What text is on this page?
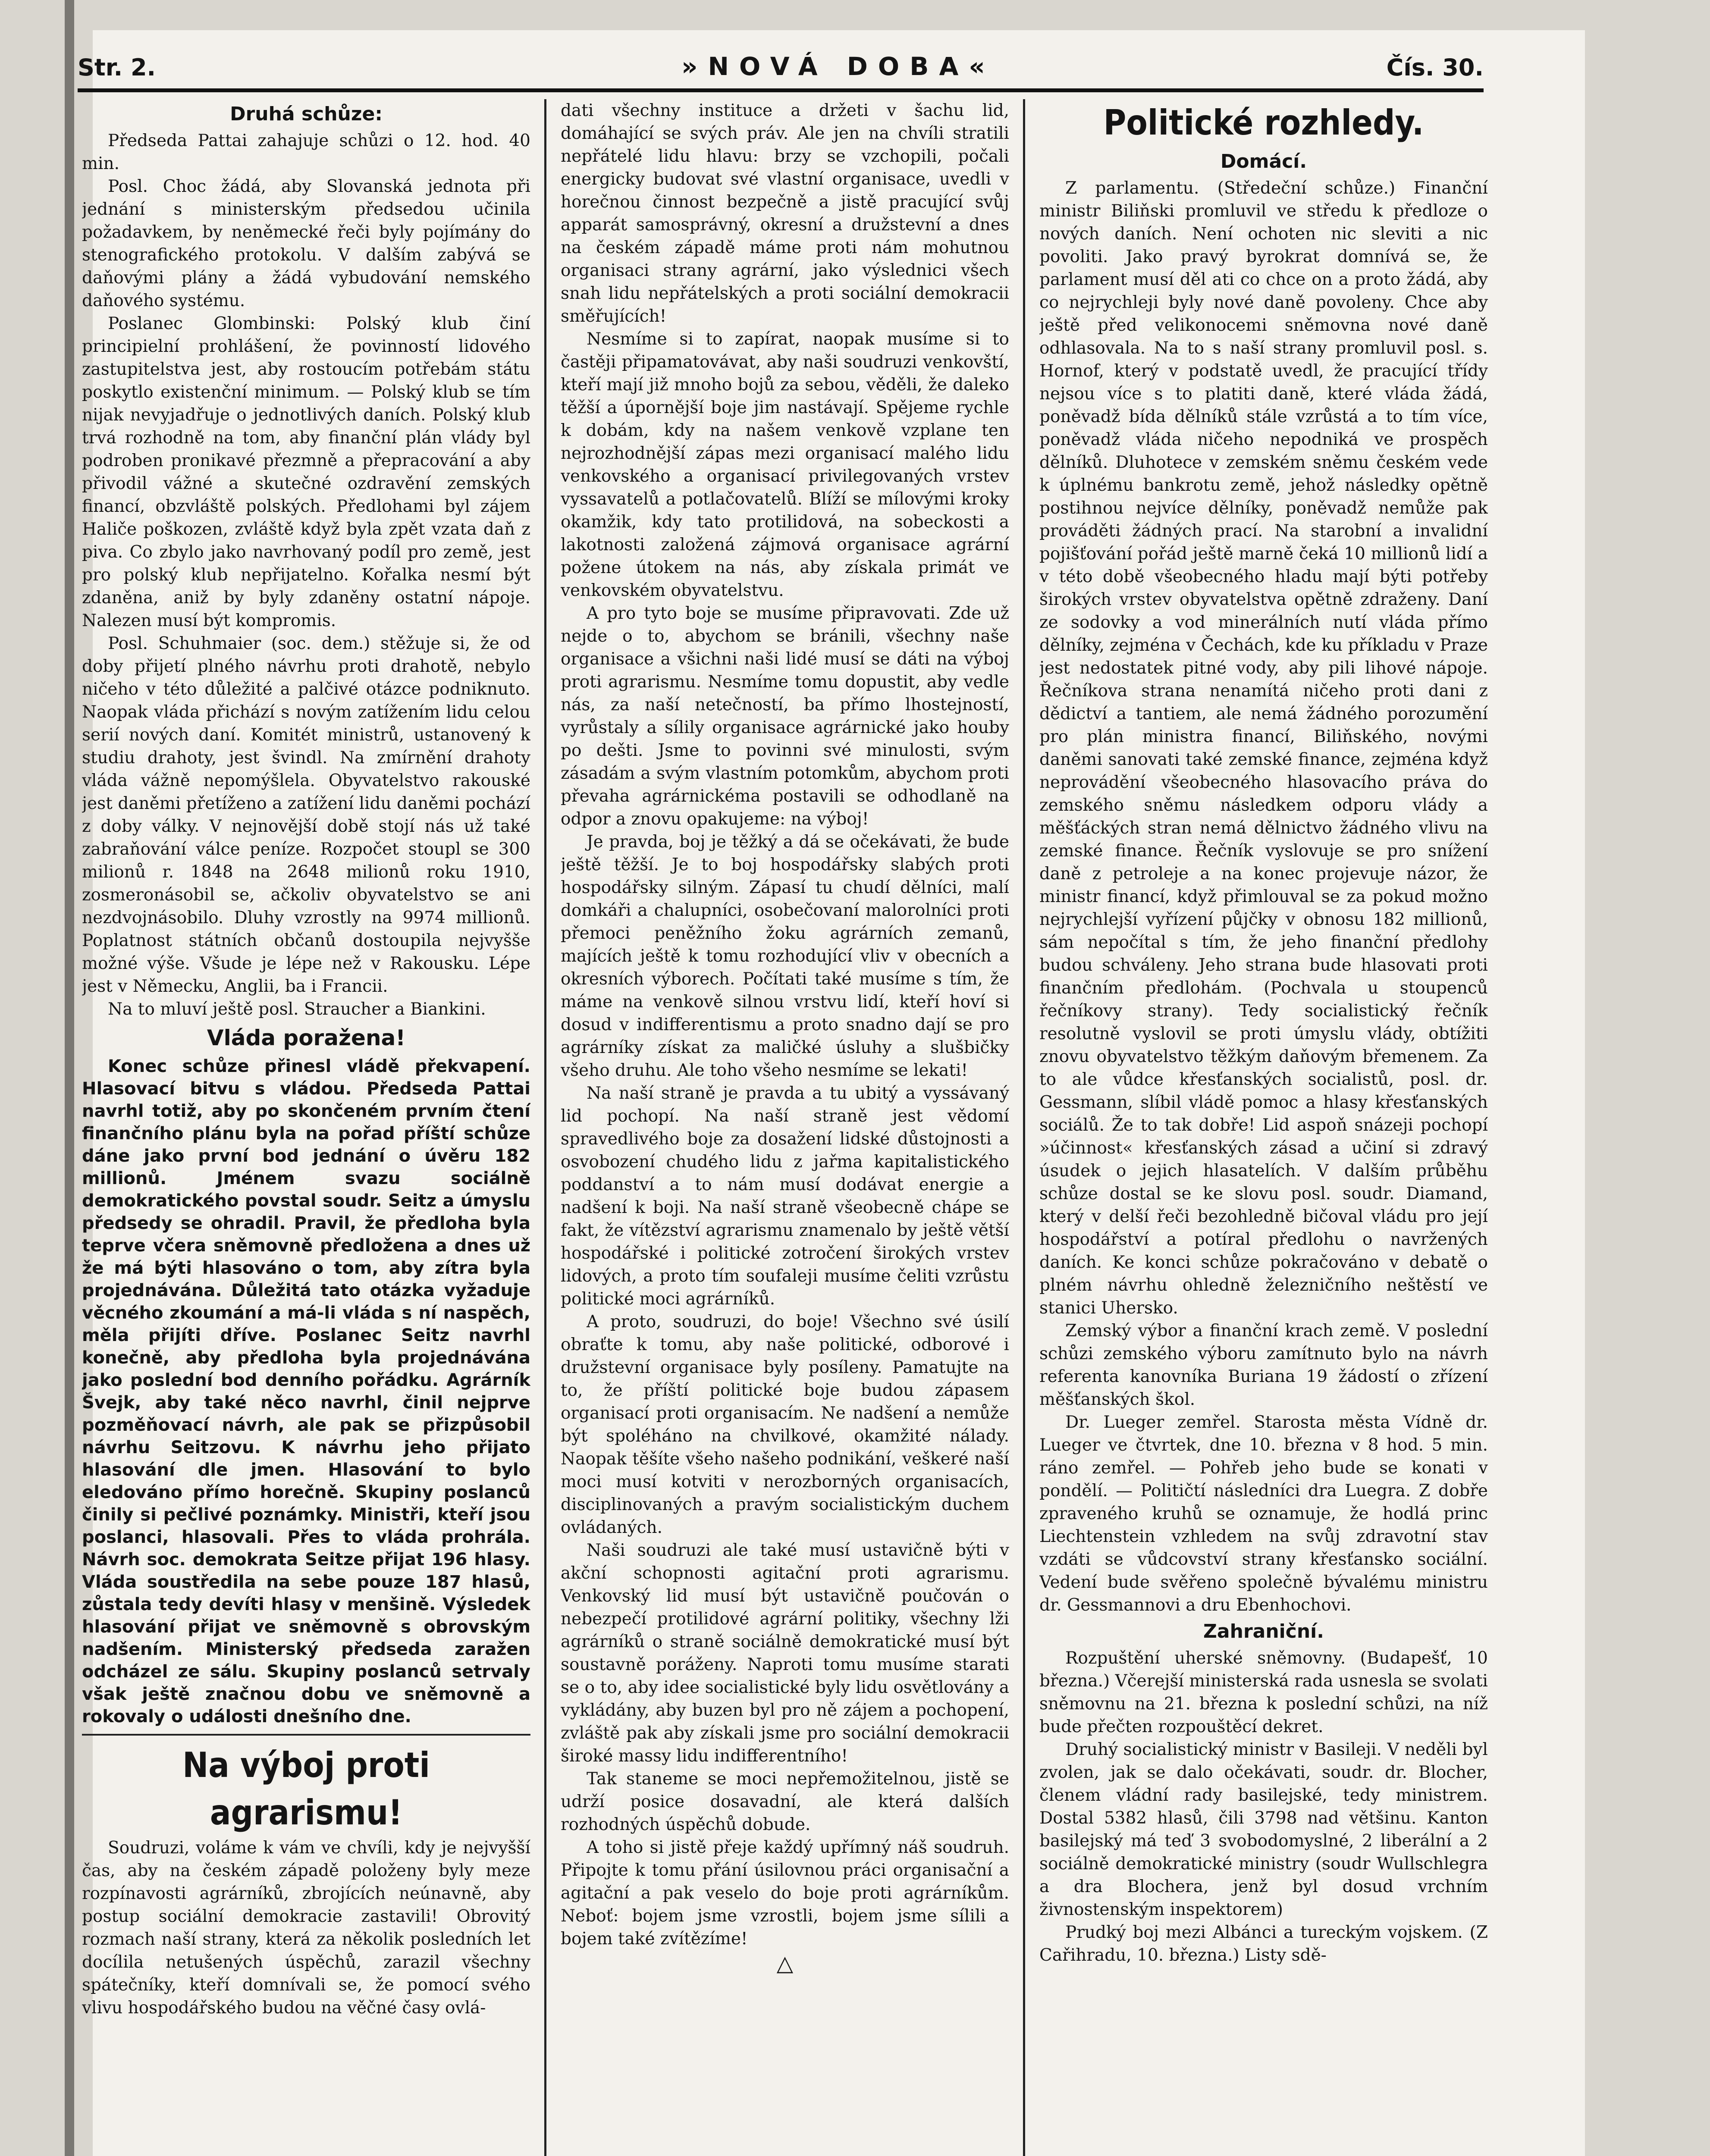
Str. 2.	»NOVÁ DOBA«	Čís. 30.
Druhá schůze:

Předseda Pattai zahajuje schůzi o 12. hod. 40 min.

Posl. Choc žádá, aby Slovanská jednota při jednání s ministerským předsedou učinila požadavkem, by neněmecké řeči byly pojímány do stenografického protokolu. V dalším zabývá se daňovými plány a žádá vybudování nemského daňového systému.

Poslanec Glombinski: Polský klub činí principielní prohlášení, že povinností lidového zastupitelstva jest, aby rostoucím potřebám státu poskytlo existenční minimum. — Polský klub se tím nijak nevyjadřuje o jednotlivých daních. Polský klub trvá rozhodně na tom, aby finanční plán vlády byl podroben pronikavé přezmně a přepracování a aby přivodil vážné a skutečné ozdravění zemských financí, obzvláště polských. Předlohami byl zájem Haliče poškozen, zvláště když byla zpět vzata daň z piva. Co zbylo jako navrhovaný podíl pro země, jest pro polský klub nepřijatelno. Kořalka nesmí být zdaněna, aniž by byly zdaněny ostatní nápoje. Nalezen musí být kompromis.

Posl. Schuhmaier (soc. dem.) stěžuje si, že od doby přijetí plného návrhu proti drahotě, nebylo ničeho v této důležité a palčivé otázce podniknuto. Naopak vláda přichází s novým zatížením lidu celou serií nových daní. Komitét ministrů, ustanovený k studiu drahoty, jest švindl. Na zmírnění drahoty vláda vážně nepomýšlela. Obyvatelstvo rakouské jest daněmi přetíženo a zatížení lidu daněmi pochází z doby války. V nejnovější době stojí nás už také zabraňování válce peníze. Rozpočet stoupl se 300 milionů r. 1848 na 2648 milionů roku 1910, zosmeronásobil se, ačkoliv obyvatelstvo se ani nezdvojnásobilo. Dluhy vzrostly na 9974 millionů. Poplatnost státních občanů dostoupila nejvyšše možné výše. Všude je lépe než v Rakousku. Lépe jest v Německu, Anglii, ba i Francii.

Na to mluví ještě posl. Straucher a Biankini.

Vláda poražena!

Konec schůze přinesl vládě překvapení. Hlasovací bitvu s vládou. Předseda Pattai navrhl totiž, aby po skončeném prvním čtení finančního plánu byla na pořad příští schůze dáne jako první bod jednání o úvěru 182 millionů. Jménem svazu sociálně demokratického povstal soudr. Seitz a úmyslu předsedy se ohradil. Pravil, že předloha byla teprve včera sněmovně předložena a dnes už že má býti hlasováno o tom, aby zítra byla projednávána. Důležitá tato otázka vyžaduje věcného zkoumání a má-li vláda s ní naspěch, měla přijíti dříve. Poslanec Seitz navrhl konečně, aby předloha byla projednávána jako poslední bod denního pořádku. Agrárník Švejk, aby také něco navrhl, činil nejprve pozměňovací návrh, ale pak se přizpůsobil návrhu Seitzovu. K návrhu jeho přijato hlasování dle jmen. Hlasování to bylo eledováno přímo horečně. Skupiny poslanců činily si pečlivé poznámky. Ministři, kteří jsou poslanci, hlasovali. Přes to vláda prohrála. Návrh soc. demokrata Seitze přijat 196 hlasy. Vláda soustředila na sebe pouze 187 hlasů, zůstala tedy devíti hlasy v menšině. Výsledek hlasování přijat ve sněmovně s obrovským nadšením. Ministerský předseda zaražen odcházel ze sálu. Skupiny poslanců setrvaly však ještě značnou dobu ve sněmovně a rokovaly o události dnešního dne.

Na výboj proti agrarismu!

Soudruzi, voláme k vám ve chvíli, kdy je nejvyšší čas, aby na českém západě položeny byly meze rozpínavosti agrárníků, zbrojících neúnavně, aby postup sociální demokracie zastavili! Obrovitý rozmach naší strany, která za několik posledních let docílila netušených úspěchů, zarazil všechny spátečníky, kteří domnívali se, že pomocí svého vlivu hospodářského budou na věčné časy ovlá-

dati všechny instituce a držeti v šachu lid, domáhající se svých práv. Ale jen na chvíli stratili nepřátelé lidu hlavu: brzy se vzchopili, počali energicky budovat své vlastní organisace, uvedli v horečnou činnost bezpečně a jistě pracující svůj apparát samosprávný, okresní a družstevní a dnes na českém západě máme proti nám mohutnou organisaci strany agrární, jako výslednici všech snah lidu nepřátelských a proti sociální demokracii směřujících!

Nesmíme si to zapírat, naopak musíme si to častěji připamatovávat, aby naši soudruzi venkovští, kteří mají již mnoho bojů za sebou, věděli, že daleko těžší a úpornější boje jim nastávají. Spějeme rychle k dobám, kdy na našem venkově vzplane ten nejrozhodnější zápas mezi organisací malého lidu venkovského a organisací privilegovaných vrstev vyssavatelů a potlačovatelů. Blíží se mílovými kroky okamžik, kdy tato protilidová, na sobeckosti a lakotnosti založená zájmová organisace agrární požene útokem na nás, aby získala primát ve venkovském obyvatelstvu.

A pro tyto boje se musíme připravovati. Zde už nejde o to, abychom se bránili, všechny naše organisace a všichni naši lidé musí se dáti na výboj proti agrarismu. Nesmíme tomu dopustit, aby vedle nás, za naší netečností, ba přímo lhostejností, vyrůstaly a sílily organisace agrárnické jako houby po dešti. Jsme to povinni své minulosti, svým zásadám a svým vlastním potomkům, abychom proti převaha agrárnickéma postavili se odhodlaně na odpor a znovu opakujeme: na výboj!

Je pravda, boj je těžký a dá se očekávati, že bude ještě těžší. Je to boj hospodářsky slabých proti hospodářsky silným. Zápasí tu chudí dělníci, malí domkáři a chalupníci, osobečovaní malorolníci proti přemoci peněžního žoku agrárních zemanů, majících ještě k tomu rozhodující vliv v obecních a okresních výborech. Počítati také musíme s tím, že máme na venkově silnou vrstvu lidí, kteří hoví si dosud v indifferentismu a proto snadno dají se pro agrárníky získat za maličké úsluhy a slušbičky všeho druhu. Ale toho všeho nesmíme se lekati!

Na naší straně je pravda a tu ubitý a vyssávaný lid pochopí. Na naší straně jest vědomí spravedlivého boje za dosažení lidské důstojnosti a osvobození chudého lidu z jařma kapitalistického poddanství a to nám musí dodávat energie a nadšení k boji. Na naší straně všeobecně chápe se fakt, že vítězství agrarismu znamenalo by ještě větší hospodářské i politické zotročení širokých vrstev lidových, a proto tím soufaleji musíme čeliti vzrůstu politické moci agrárníků.

A proto, soudruzi, do boje! Všechno své úsilí obraťte k tomu, aby naše politické, odborové i družstevní organisace byly posíleny. Pamatujte na to, že příští politické boje budou zápasem organisací proti organisacím. Ne nadšení a nemůže být spoléháno na chvilkové, okamžité nálady. Naopak těšíte všeho našeho podnikání, veškeré naší moci musí kotviti v nerozborných organisacích, disciplinovaných a pravým socialistickým duchem ovládaných.

Naši soudruzi ale také musí ustavičně býti v akční schopnosti agitační proti agrarismu. Venkovský lid musí být ustavičně poučován o nebezpečí protilidové agrární politiky, všechny lži agrárníků o straně sociálně demokratické musí být soustavně poráženy. Naproti tomu musíme starati se o to, aby idee socialistické byly lidu osvětlovány a vykládány, aby buzen byl pro ně zájem a pochopení, zvláště pak aby získali jsme pro sociální demokracii široké massy lidu indifferentního!

Tak staneme se moci nepřemožitelnou, jistě se udrží posice dosavadní, ale která dalších rozhodných úspěchů dobude.

A toho si jistě přeje každý upřímný náš soudruh. Připojte k tomu přání úsilovnou práci organisační a agitační a pak veselo do boje proti agrárníkům. Neboť: bojem jsme vzrostli, bojem jsme sílili a bojem také zvítězíme!

△
Politické rozhledy.
Domácí.

Z parlamentu. (Středeční schůze.) Finanční ministr Biliňski promluvil ve středu k předloze o nových daních. Není ochoten nic sleviti a nic povoliti. Jako pravý byrokrat domnívá se, že parlament musí děl ati co chce on a proto žádá, aby co nejrychleji byly nové daně povoleny. Chce aby ještě před velikonocemi sněmovna nové daně odhlasovala. Na to s naší strany promluvil posl. s. Hornof, který v podstatě uvedl, že pracující třídy nejsou více s to platiti daně, které vláda žádá, poněvadž bída dělníků stále vzrůstá a to tím více, poněvadž vláda ničeho nepodniká ve prospěch dělníků. Dluhotece v zemském sněmu českém vede k úplnému bankrotu země, jehož následky opětně postihnou nejvíce dělníky, poněvadž nemůže pak prováděti žádných prací. Na starobní a invalidní pojišťování pořád ještě marně čeká 10 millionů lidí a v této době všeobecného hladu mají býti potřeby širokých vrstev obyvatelstva opětně zdraženy. Daní ze sodovky a vod minerálních nutí vláda přímo dělníky, zejména v Čechách, kde ku příkladu v Praze jest nedostatek pitné vody, aby pili lihové nápoje. Řečníkova strana nenamítá ničeho proti dani z dědictví a tantiem, ale nemá žádného porozumění pro plán ministra financí, Biliňského, novými daněmi sanovati také zemské finance, zejména když neprovádění všeobecného hlasovacího práva do zemského sněmu následkem odporu vlády a měšťáckých stran nemá dělnictvo žádného vlivu na zemské finance. Řečník vyslovuje se pro snížení daně z petroleje a na konec projevuje názor, že ministr financí, když přimlouval se za pokud možno nejrychlejší vyřízení půjčky v obnosu 182 millionů, sám nepočítal s tím, že jeho finanční předlohy budou schváleny. Jeho strana bude hlasovati proti finančním předlohám. (Pochvala u stoupenců řečníkovy strany). Tedy socialistický řečník resolutně vyslovil se proti úmyslu vlády, obtížiti znovu obyvatelstvo těžkým daňovým břemenem. Za to ale vůdce křesťanských socialistů, posl. dr. Gessmann, slíbil vládě pomoc a hlasy křesťanských sociálů. Že to tak dobře! Lid aspoň snázeji pochopí »účinnost« křesťanských zásad a učiní si zdravý úsudek o jejich hlasatelích. V dalším průběhu schůze dostal se ke slovu posl. soudr. Diamand, který v delší řeči bezohledně bičoval vládu pro její hospodářství a potíral předlohu o navržených daních. Ke konci schůze pokračováno v debatě o plném návrhu ohledně železničního neštěstí ve stanici Uhersko.

Zemský výbor a finanční krach země. V poslední schůzi zemského výboru zamítnuto bylo na návrh referenta kanovníka Buriana 19 žádostí o zřízení měšťanských škol.

Dr. Lueger zemřel. Starosta města Vídně dr. Lueger ve čtvrtek, dne 10. března v 8 hod. 5 min. ráno zemřel. — Pohřeb jeho bude se konati v pondělí. — Političtí následníci dra Luegra. Z dobře zpraveného kruhů se oznamuje, že hodlá princ Liechtenstein vzhledem na svůj zdravotní stav vzdáti se vůdcovství strany křesťansko sociální. Vedení bude svěřeno společně bývalému ministru dr. Gessmannovi a dru Ebenhochovi.

Zahraniční.

Rozpuštění uherské sněmovny. (Budapešť, 10 března.) Včerejší ministerská rada usnesla se svolati sněmovnu na 21. března k poslední schůzi, na níž bude přečten rozpouštěcí dekret.

Druhý socialistický ministr v Basileji. V neděli byl zvolen, jak se dalo očekávati, soudr. dr. Blocher, členem vládní rady basilejské, tedy ministrem. Dostal 5382 hlasů, čili 3798 nad většinu. Kanton basilejský má teď 3 svobodomyslné, 2 liberální a 2 sociálně demokratické ministry (soudr Wullschlegra a dra Blochera, jenž byl dosud vrchním živnostenským inspektorem)

Prudký boj mezi Albánci a tureckým vojskem. (Z Cařihradu, 10. března.) Listy sdě-
